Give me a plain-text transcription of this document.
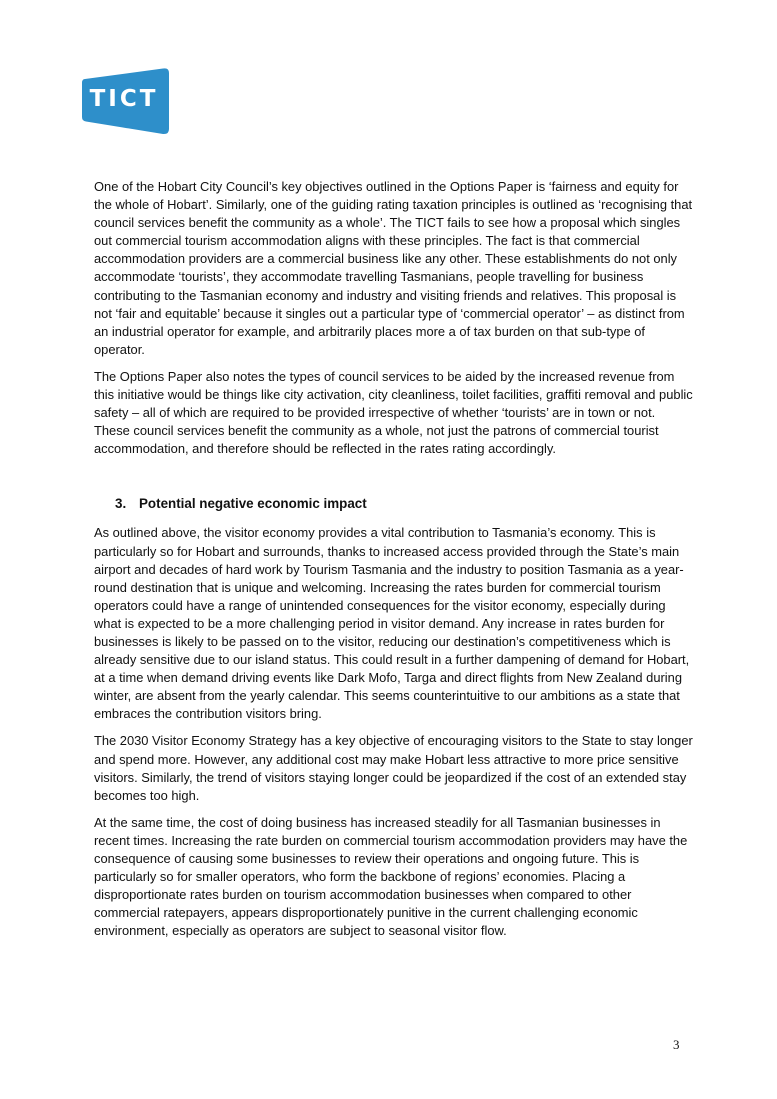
TICT

One of the Hobart City Council’s key objectives outlined in the Options Paper is ‘fairness and equity for the whole of Hobart’. Similarly, one of the guiding rating taxation principles is outlined as ‘recognising that council services benefit the community as a whole’. The TICT fails to see how a proposal which singles out commercial tourism accommodation aligns with these principles. The fact is that commercial accommodation providers are a commercial business like any other. These establishments do not only accommodate ‘tourists’, they accommodate travelling Tasmanians, people travelling for business contributing to the Tasmanian economy and industry and visiting friends and relatives. This proposal is not ‘fair and equitable’ because it singles out a particular type of ‘commercial operator’ – as distinct from an industrial operator for example, and arbitrarily places more a of tax burden on that sub-type of operator.

The Options Paper also notes the types of council services to be aided by the increased revenue from this initiative would be things like city activation, city cleanliness, toilet facilities, graffiti removal and public safety – all of which are required to be provided irrespective of whether ‘tourists’ are in town or not. These council services benefit the community as a whole, not just the patrons of commercial tourist accommodation, and therefore should be reflected in the rates rating accordingly.

3. Potential negative economic impact

As outlined above, the visitor economy provides a vital contribution to Tasmania’s economy. This is particularly so for Hobart and surrounds, thanks to increased access provided through the State’s main airport and decades of hard work by Tourism Tasmania and the industry to position Tasmania as a year-round destination that is unique and welcoming. Increasing the rates burden for commercial tourism operators could have a range of unintended consequences for the visitor economy, especially during what is expected to be a more challenging period in visitor demand. Any increase in rates burden for businesses is likely to be passed on to the visitor, reducing our destination’s competitiveness which is already sensitive due to our island status. This could result in a further dampening of demand for Hobart, at a time when demand driving events like Dark Mofo, Targa and direct flights from New Zealand during winter, are absent from the yearly calendar. This seems counterintuitive to our ambitions as a state that embraces the contribution visitors bring.

The 2030 Visitor Economy Strategy has a key objective of encouraging visitors to the State to stay longer and spend more. However, any additional cost may make Hobart less attractive to more price sensitive visitors. Similarly, the trend of visitors staying longer could be jeopardized if the cost of an extended stay becomes too high.

At the same time, the cost of doing business has increased steadily for all Tasmanian businesses in recent times. Increasing the rate burden on commercial tourism accommodation providers may have the consequence of causing some businesses to review their operations and ongoing future. This is particularly so for smaller operators, who form the backbone of regions’ economies. Placing a disproportionate rates burden on tourism accommodation businesses when compared to other commercial ratepayers, appears disproportionately punitive in the current challenging economic environment, especially as operators are subject to seasonal visitor flow.

3
